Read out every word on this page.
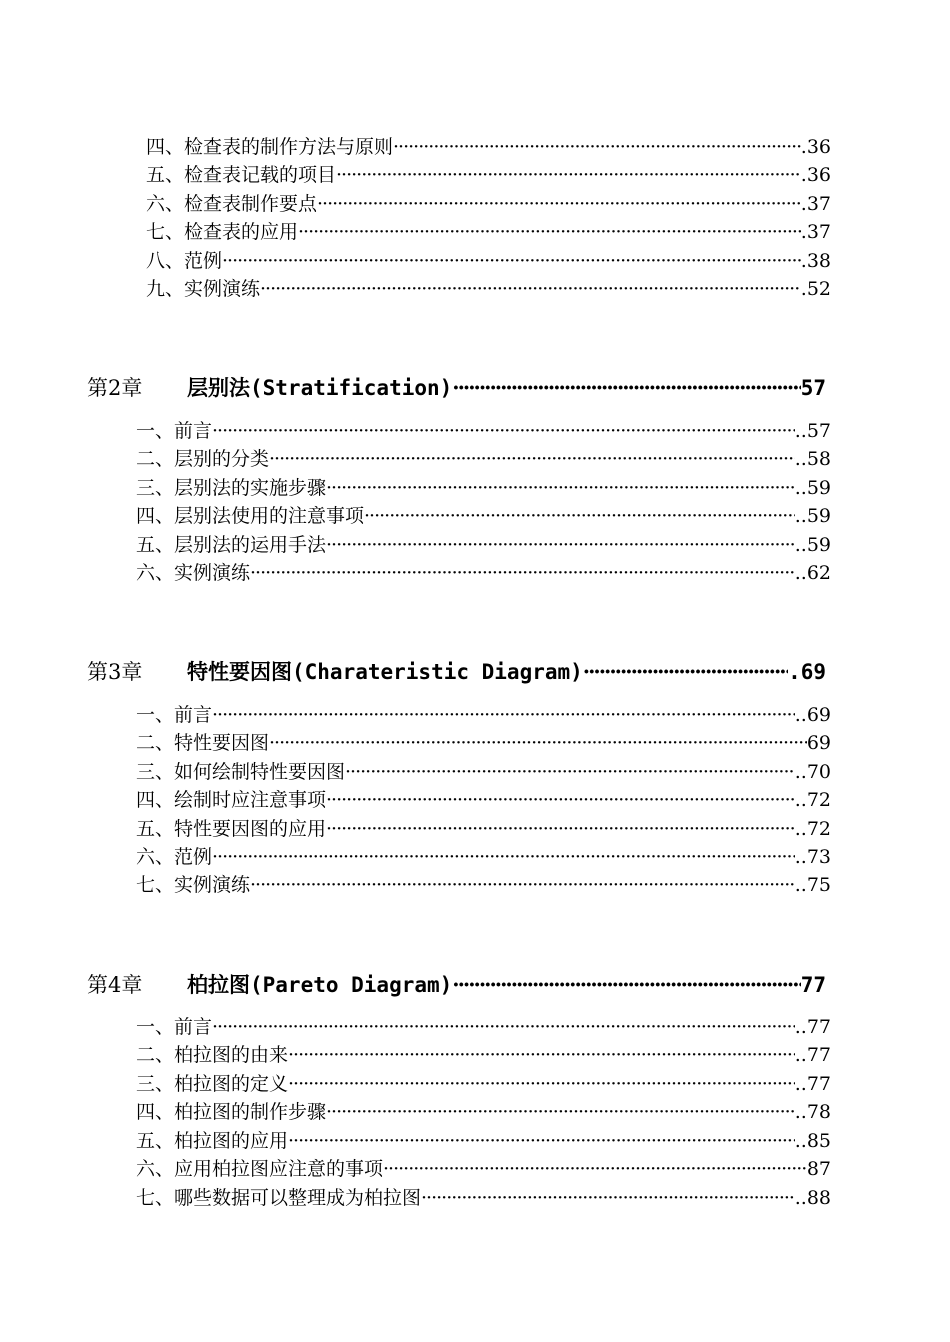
四、检查表的制作方法与原则 ·····	.36
五、检查表记载的项目 ·····	.36
六、检查表制作要点 ·····	.37
七、检查表的应用 ·····	.37
八、范例 ·····	.38
九、实例演练 ·····	.52
第2章	层别法(Stratification) ·····	57
一、前言 ·····	..57
二、层别的分类 ·····	..58
三、层别法的实施步骤 ·····	..59
四、层别法使用的注意事项 ·····	..59
五、层别法的运用手法 ·····	..59
六、实例演练 ·····	..62
第3章	特性要因图(Charateristic Diagram) ·····	.69
一、前言 ·····	..69
二、特性要因图 ·····	69
三、如何绘制特性要因图 ·····	..70
四、绘制时应注意事项 ·····	..72
五、特性要因图的应用 ·····	..72
六、范例 ·····	..73
七、实例演练 ·····	..75
第4章	柏拉图(Pareto Diagram) ·····	77
一、前言 ·····	..77
二、柏拉图的由来 ·····	..77
三、柏拉图的定义 ·····	..77
四、柏拉图的制作步骤 ·····	..78
五、柏拉图的应用 ·····	..85
六、应用柏拉图应注意的事项 ·····	87
七、哪些数据可以整理成为柏拉图 ·····	..88
